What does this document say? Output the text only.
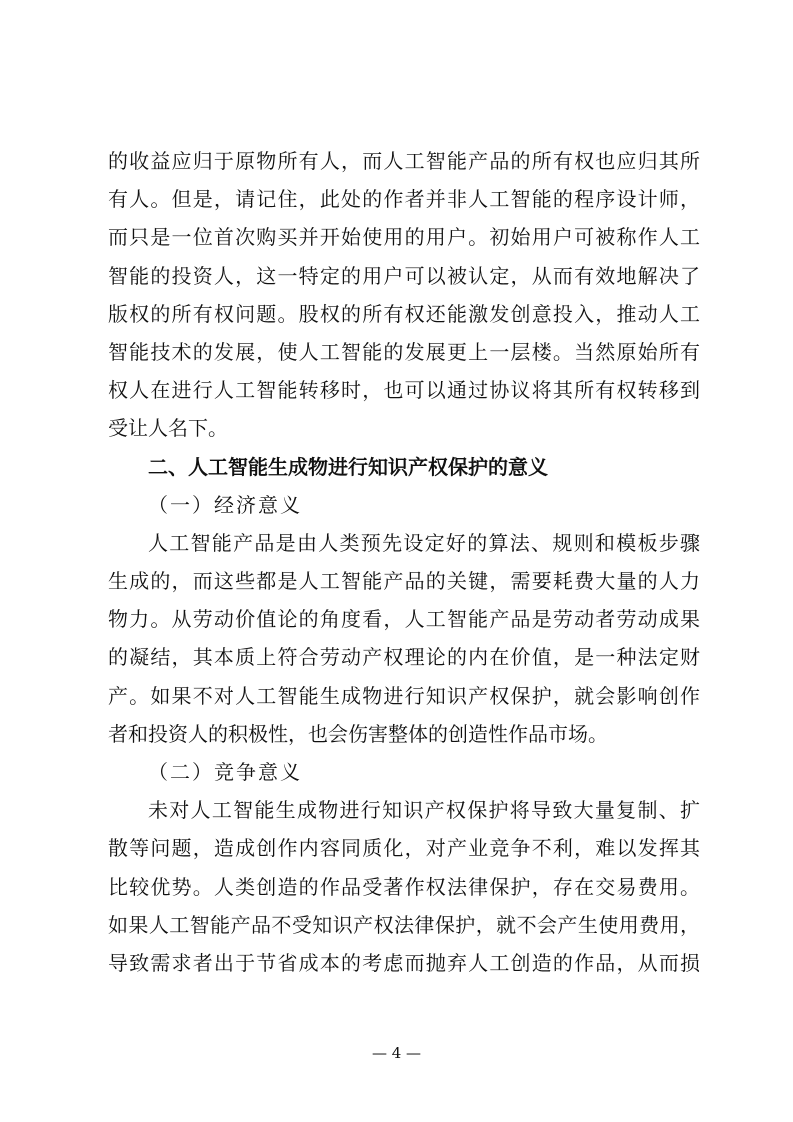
的收益应归于原物所有人，而人工智能产品的所有权也应归其所
有人。但是，请记住，此处的作者并非人工智能的程序设计师，
而只是一位首次购买并开始使用的用户。初始用户可被称作人工
智能的投资人，这一特定的用户可以被认定，从而有效地解决了
版权的所有权问题。股权的所有权还能激发创意投入，推动人工
智能技术的发展，使人工智能的发展更上一层楼。当然原始所有
权人在进行人工智能转移时，也可以通过协议将其所有权转移到
受让人名下。
二、人工智能生成物进行知识产权保护的意义
（一）经济意义
人工智能产品是由人类预先设定好的算法、规则和模板步骤
生成的，而这些都是人工智能产品的关键，需要耗费大量的人力
物力。从劳动价值论的角度看，人工智能产品是劳动者劳动成果
的凝结，其本质上符合劳动产权理论的内在价值，是一种法定财
产。如果不对人工智能生成物进行知识产权保护，就会影响创作
者和投资人的积极性，也会伤害整体的创造性作品市场。
（二）竞争意义
未对人工智能生成物进行知识产权保护将导致大量复制、扩
散等问题，造成创作内容同质化，对产业竞争不利，难以发挥其
比较优势。人类创造的作品受著作权法律保护，存在交易费用。
如果人工智能产品不受知识产权法律保护，就不会产生使用费用，
导致需求者出于节省成本的考虑而抛弃人工创造的作品，从而损
— 4 —
